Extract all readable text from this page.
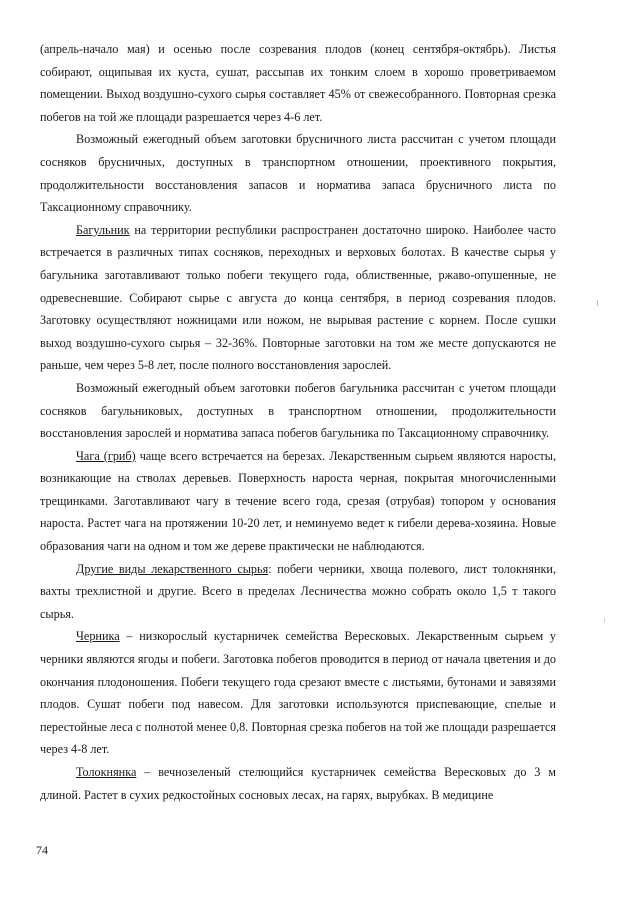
(апрель-начало мая) и осенью после созревания плодов (конец сентября-октябрь). Листья собирают, ощипывая их куста, сушат, рассыпав их тонким слоем в хорошо проветриваемом помещении. Выход воздушно-сухого сырья составляет 45% от свежесобранного. Повторная срезка побегов на той же площади разрешается через 4-6 лет.

Возможный ежегодный объем заготовки брусничного листа рассчитан с учетом площади сосняков брусничных, доступных в транспортном отношении, проективного покрытия, продолжительности восстановления запасов и норматива запаса брусничного листа по Таксационному справочнику.

Багульник на территории республики распространен достаточно широко. Наиболее часто встречается в различных типах сосняков, переходных и верховых болотах. В качестве сырья у багульника заготавливают только побеги текущего года, облиственные, ржаво-опушенные, не одревесневшие. Собирают сырье с августа до конца сентября, в период созревания плодов. Заготовку осуществляют ножницами или ножом, не вырывая растение с корнем. После сушки выход воздушно-сухого сырья – 32-36%. Повторные заготовки на том же месте допускаются не раньше, чем через 5-8 лет, после полного восстановления зарослей.

Возможный ежегодный объем заготовки побегов багульника рассчитан с учетом площади сосняков багульниковых, доступных в транспортном отношении, продолжительности восстановления зарослей и норматива запаса побегов багульника по Таксационному справочнику.

Чага (гриб) чаще всего встречается на березах. Лекарственным сырьем являются наросты, возникающие на стволах деревьев. Поверхность нароста черная, покрытая многочисленными трещинками. Заготавливают чагу в течение всего года, срезая (отрубая) топором у основания нароста. Растет чага на протяжении 10-20 лет, и неминуемо ведет к гибели дерева-хозяина. Новые образования чаги на одном и том же дереве практически не наблюдаются.

Другие виды лекарственного сырья: побеги черники, хвоща полевого, лист толокнянки, вахты трехлистной и другие. Всего в пределах Лесничества можно собрать около 1,5 т такого сырья.

Черника – низкорослый кустарничек семейства Вересковых. Лекарственным сырьем у черники являются ягоды и побеги. Заготовка побегов проводится в период от начала цветения и до окончания плодоношения. Побеги текущего года срезают вместе с листьями, бутонами и завязями плодов. Сушат побеги под навесом. Для заготовки используются приспевающие, спелые и перестойные леса с полнотой менее 0,8. Повторная срезка побегов на той же площади разрешается через 4-8 лет.

Толокнянка – вечнозеленый стелющийся кустарничек семейства Вересковых до 3 м длиной. Растет в сухих редкостойных сосновых лесах, на гарях, вырубках. В медицине

74
